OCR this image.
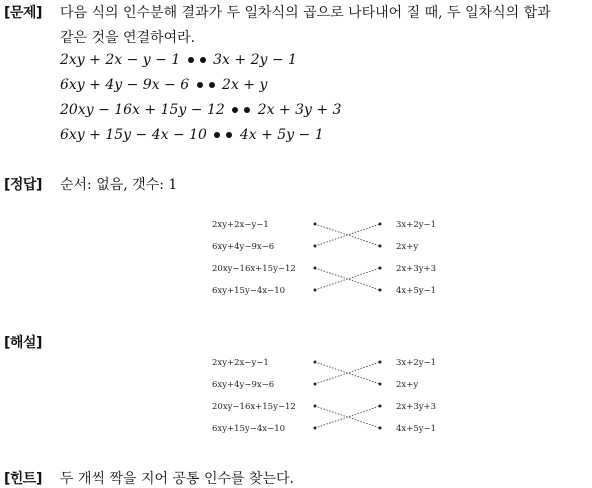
[문제] 다음 식의 인수분해 결과가 두 일차식의 곱으로 나타내어 질 때, 두 일차식의 합과
같은 것을 연결하여라.
2xy + 2x − y − 1 3x + 2y − 1
6xy + 4y − 9x − 6 2x + y
20xy − 16x + 15y − 12 2x + 3y + 3
6xy + 15y − 4x − 10 4x + 5y − 1
[정답] 순서: 없음, 갯수: 1
2xy+2x−y−1
6xy+4y−9x−6
20xy−16x+15y−12
6xy+15y−4x−10
3x+2y−1
2x+y
2x+3y+3
4x+5y−1
[해설]
2xy+2x−y−1
6xy+4y−9x−6
20xy−16x+15y−12
6xy+15y−4x−10
3x+2y−1
2x+y
2x+3y+3
4x+5y−1
[힌트] 두 개씩 짝을 지어 공통 인수를 찾는다.
